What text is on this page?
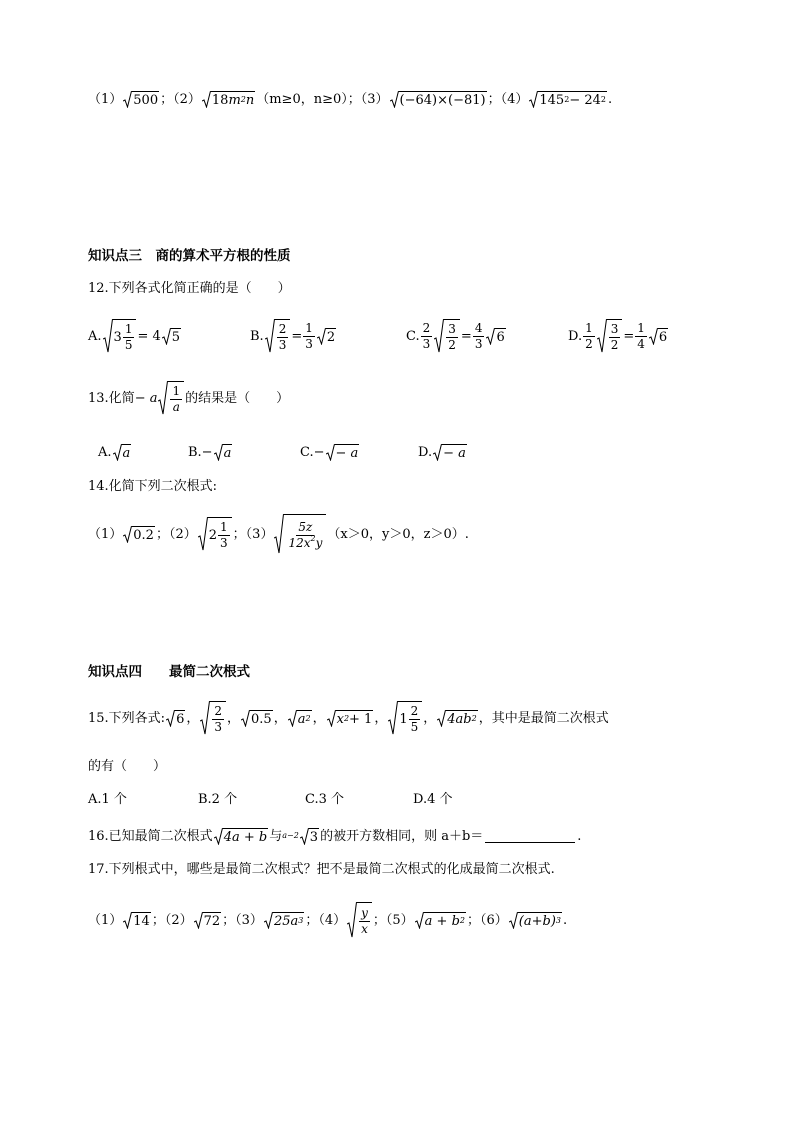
（1） 500 ；（2） 18 m 2 n （m≥0，n≥0）；（3） (−64)×(−81) ；（4） 145 2 − 24 2 .
知识点三　商的算术平方根的性质
12.下列各式化简正确的是（　　）
A. 3
1
5
= 4 5	B. 2
3
= $\frac{1}{3} 2$	C.
2
3
3
2
= $\frac{4}{3} 6$	D.
1
2
3
2
= $\frac{1}{4} 6$
13.化简 − a 1
a
的结果是（　　）
A. a	B.− a	C.− − a	D. − a
14.化简下列二次根式:
（1） 0.2 ；（2） 2
1
3
；（3） 5z
$12x^2y$
（x＞0，y＞0，z＞0）.
知识点四　　最简二次根式
15.下列各式: 6 ， 2
3
， 0.5 ， a 2 ， x 2 + 1 ， 1
2
5
， 4ab 2 ，其中是最简二次根式
的有（　　）
A.1 个	B.2 个	C.3 个	D.4 个
16.已知最简二次根式 4a + b 与 a−2 3 的被开方数相同，则 a＋b＝	.
17.下列根式中，哪些是最简二次根式？把不是最简二次根式的化成最简二次根式.
（1） 14 ；（2） 72 ；（3） 25a 3 ；（4） y
x
；（5） a + b 2 ；（6） (a+b) 3 .
